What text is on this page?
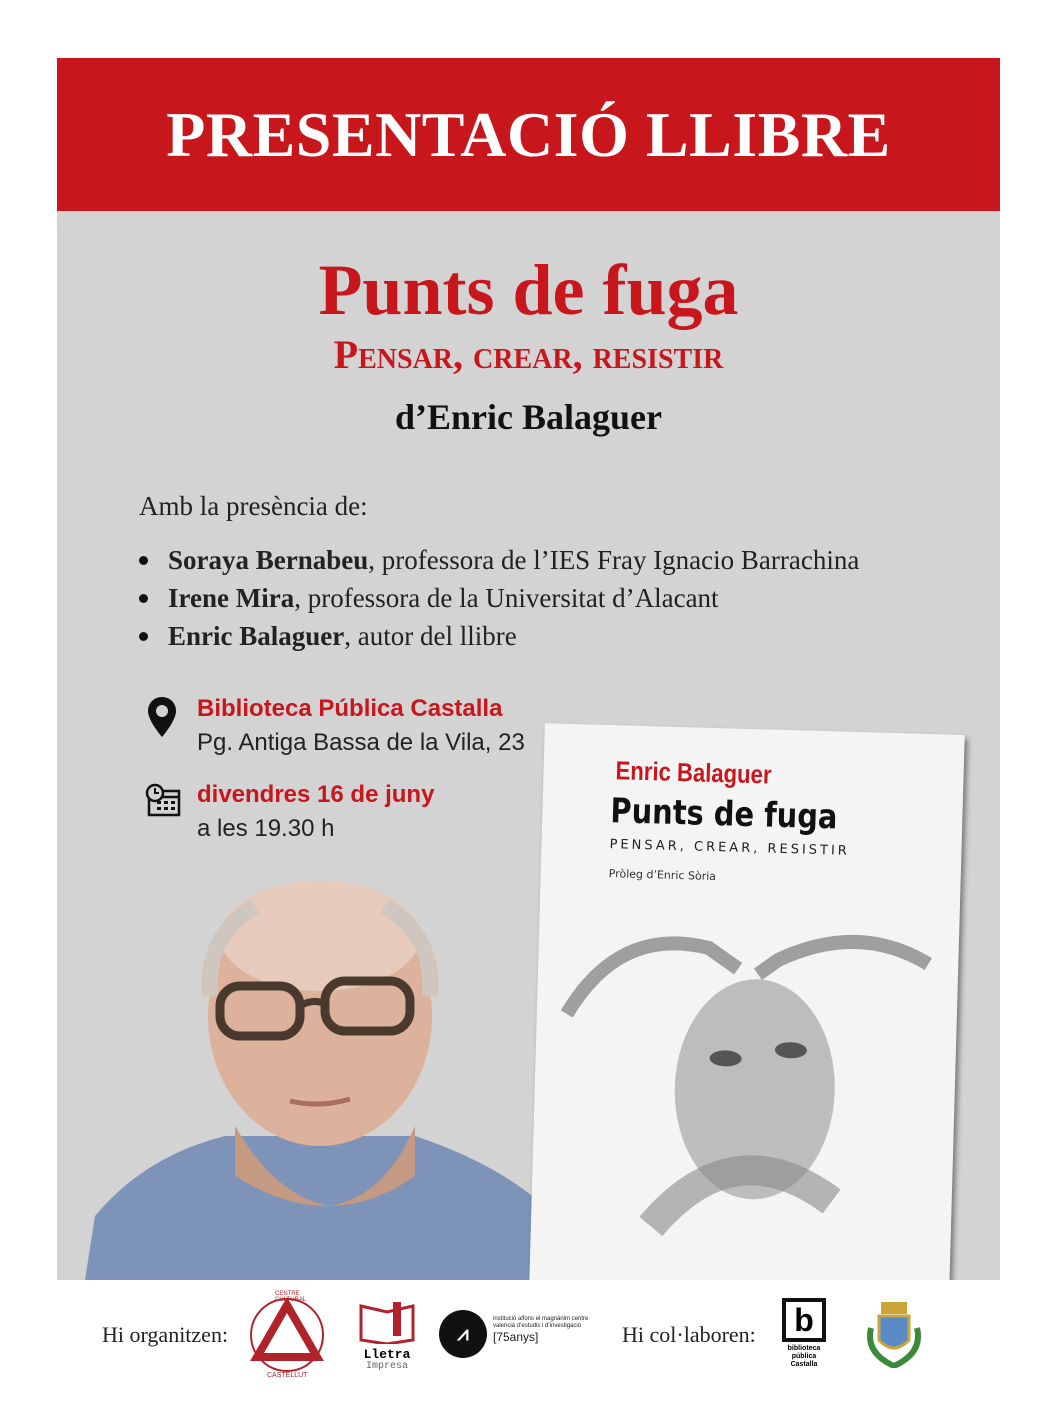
PRESENTACIÓ LLIBRE
Punts de fuga
Pensar, crear, resistir
d’Enric Balaguer
Amb la presència de:
Soraya Bernabeu , professora de l’IES Fray Ignacio Barrachina
Irene Mira , professora de la Universitat d’Alacant
Enric Balaguer , autor del llibre
Biblioteca Pública Castalla
Pg. Antiga Bassa de la Vila, 23
divendres 16 de juny
a les 19.30 h
Enric Balaguer
Punts de fuga
PENSAR, CREAR, RESISTIR
Pròleg d’Enric Sòria
Hi organitzen:
CENTRE CULTURAL
CASTELLUT
Lletra
Impresa
⩘
institució alfons el magnànim centre valencià d’estudis i d’investigació
[75anys]	Hi col·laboren:	b
biblioteca pública Castalla
